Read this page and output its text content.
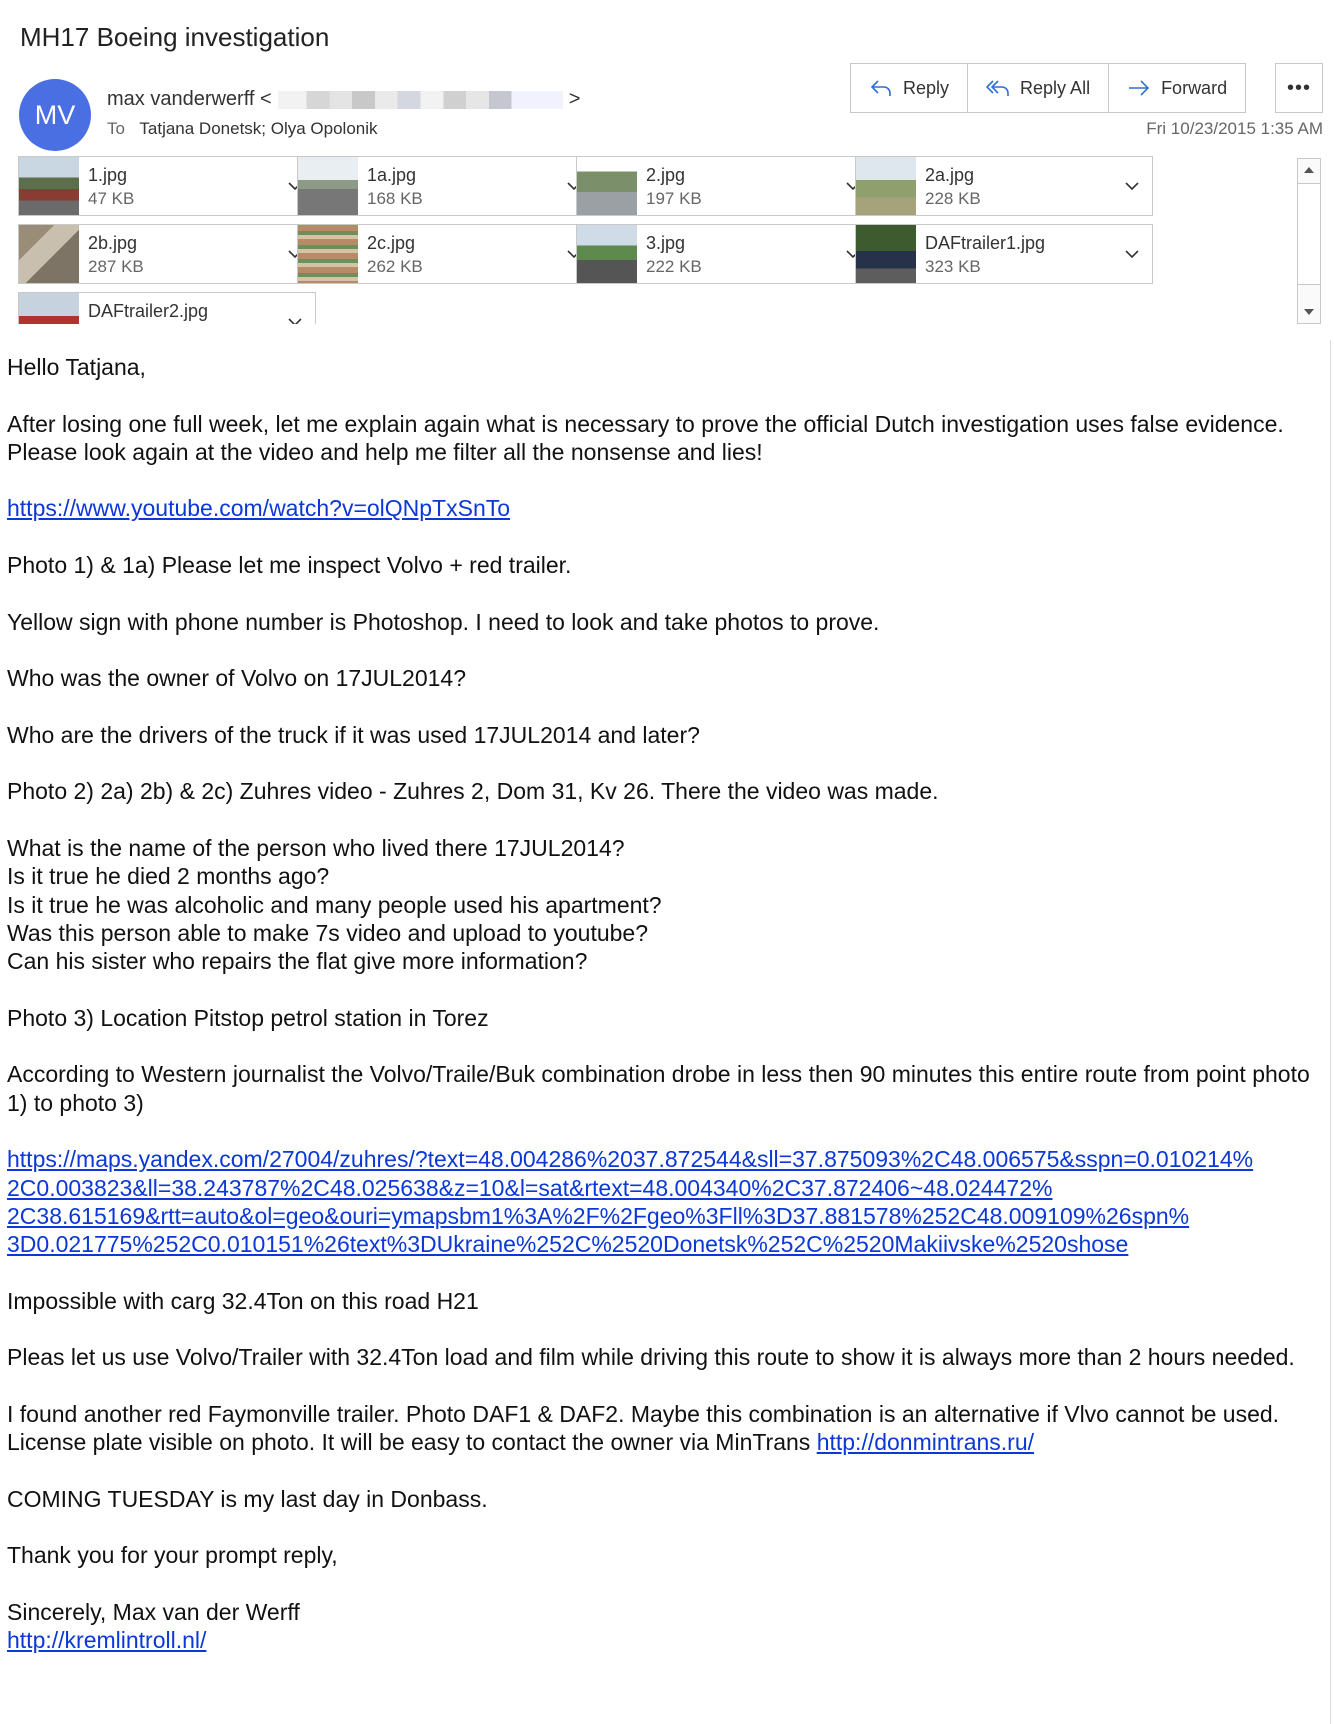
MH17 Boeing investigation
MV
max vanderwerff <	>
To Tatjana Donetsk; Olya Opolonik	Fri 10/23/2015 1:35 AM
Reply	Reply All	Forward	•••
1.jpg
47 KB
1a.jpg
168 KB
2.jpg
197 KB
2a.jpg
228 KB
2b.jpg
287 KB
2c.jpg
262 KB
3.jpg
222 KB
DAFtrailer1.jpg
323 KB
DAFtrailer2.jpg

Hello Tatjana,

After losing one full week, let me explain again what is necessary to prove the official Dutch investigation uses false evidence. Please look again at the video and help me filter all the nonsense and lies!

https://www.youtube.com/watch?v=olQNpTxSnTo

Photo 1) & 1a) Please let me inspect Volvo + red trailer.

Yellow sign with phone number is Photoshop. I need to look and take photos to prove.

Who was the owner of Volvo on 17JUL2014?

Who are the drivers of the truck if it was used 17JUL2014 and later?

Photo 2) 2a) 2b) & 2c) Zuhres video - Zuhres 2, Dom 31, Kv 26. There the video was made.

What is the name of the person who lived there 17JUL2014?
Is it true he died 2 months ago?
Is it true he was alcoholic and many people used his apartment?
Was this person able to make 7s video and upload to youtube?
Can his sister who repairs the flat give more information?

Photo 3) Location Pitstop petrol station in Torez

According to Western journalist the Volvo/Traile/Buk combination drobe in less then 90 minutes this entire route from point photo 1) to photo 3)

https://maps.yandex.com/27004/zuhres/?text=48.004286%2037.872544&sll=37.875093%2C48.006575&sspn=0.010214%
2C0.003823&ll=38.243787%2C48.025638&z=10&l=sat&rtext=48.004340%2C37.872406~48.024472%
2C38.615169&rtt=auto&ol=geo&ouri=ymapsbm1%3A%2F%2Fgeo%3Fll%3D37.881578%252C48.009109%26spn%
3D0.021775%252C0.010151%26text%3DUkraine%252C%2520Donetsk%252C%2520Makiivske%2520shose

Impossible with carg 32.4Ton on this road H21

Pleas let us use Volvo/Trailer with 32.4Ton load and film while driving this route to show it is always more than 2 hours needed.

I found another red Faymonville trailer. Photo DAF1 & DAF2. Maybe this combination is an alternative if Vlvo cannot be used. License plate visible on photo. It will be easy to contact the owner via MinTrans http://donmintrans.ru/

COMING TUESDAY is my last day in Donbass.

Thank you for your prompt reply,

Sincerely, Max van der Werff
http://kremlintroll.nl/
